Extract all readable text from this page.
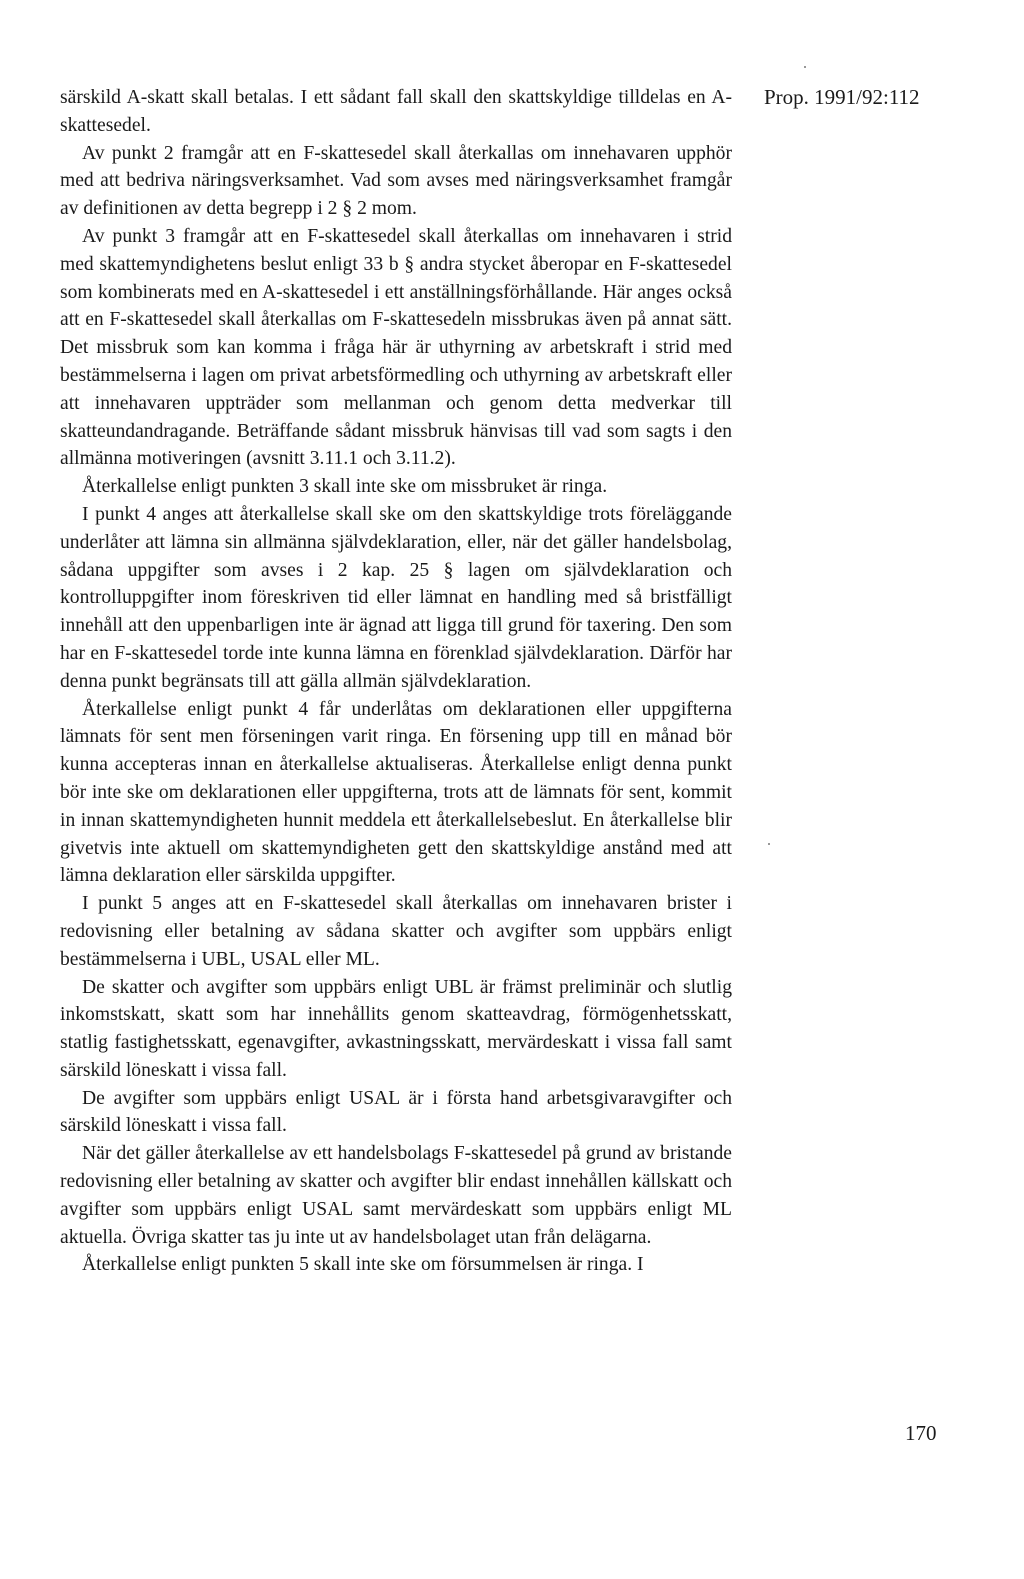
Prop. 1991/92:112

särskild A-skatt skall betalas. I ett sådant fall skall den skattskyldige tilldelas en A-skattesedel.

Av punkt 2 framgår att en F-skattesedel skall återkallas om innehavaren upphör med att bedriva näringsverksamhet. Vad som avses med näringsverksamhet framgår av definitionen av detta begrepp i 2 § 2 mom.

Av punkt 3 framgår att en F-skattesedel skall återkallas om innehavaren i strid med skattemyndighetens beslut enligt 33 b § andra stycket åberopar en F-skattesedel som kombinerats med en A-skattesedel i ett anställningsförhållande. Här anges också att en F-skattesedel skall återkallas om F-skattesedeln missbrukas även på annat sätt. Det missbruk som kan komma i fråga här är uthyrning av arbetskraft i strid med bestämmelserna i lagen om privat arbetsförmedling och uthyrning av arbetskraft eller att innehavaren uppträder som mellanman och genom detta medverkar till skatteundandragande. Beträffande sådant missbruk hänvisas till vad som sagts i den allmänna motiveringen (avsnitt 3.11.1 och 3.11.2).

Återkallelse enligt punkten 3 skall inte ske om missbruket är ringa.

I punkt 4 anges att återkallelse skall ske om den skattskyldige trots föreläggande underlåter att lämna sin allmänna självdeklaration, eller, när det gäller handelsbolag, sådana uppgifter som avses i 2 kap. 25 § lagen om självdeklaration och kontrolluppgifter inom föreskriven tid eller lämnat en handling med så bristfälligt innehåll att den uppenbarligen inte är ägnad att ligga till grund för taxering. Den som har en F-skattesedel torde inte kunna lämna en förenklad självdeklaration. Därför har denna punkt begränsats till att gälla allmän självdeklaration.

Återkallelse enligt punkt 4 får underlåtas om deklarationen eller uppgifterna lämnats för sent men förseningen varit ringa. En försening upp till en månad bör kunna accepteras innan en återkallelse aktualiseras. Återkallelse enligt denna punkt bör inte ske om deklarationen eller uppgifterna, trots att de lämnats för sent, kommit in innan skattemyndigheten hunnit meddela ett återkallelsebeslut. En återkallelse blir givetvis inte aktuell om skattemyndigheten gett den skattskyldige anstånd med att lämna deklaration eller särskilda uppgifter.

I punkt 5 anges att en F-skattesedel skall återkallas om innehavaren brister i redovisning eller betalning av sådana skatter och avgifter som uppbärs enligt bestämmelserna i UBL, USAL eller ML.

De skatter och avgifter som uppbärs enligt UBL är främst preliminär och slutlig inkomstskatt, skatt som har innehållits genom skatteavdrag, förmögenhetsskatt, statlig fastighetsskatt, egenavgifter, avkastningsskatt, mervärdeskatt i vissa fall samt särskild löneskatt i vissa fall.

De avgifter som uppbärs enligt USAL är i första hand arbetsgivaravgifter och särskild löneskatt i vissa fall.

När det gäller återkallelse av ett handelsbolags F-skattesedel på grund av bristande redovisning eller betalning av skatter och avgifter blir endast innehållen källskatt och avgifter som uppbärs enligt USAL samt mervärdeskatt som uppbärs enligt ML aktuella. Övriga skatter tas ju inte ut av handelsbolaget utan från delägarna.

Återkallelse enligt punkten 5 skall inte ske om försummelsen är ringa. I

170
